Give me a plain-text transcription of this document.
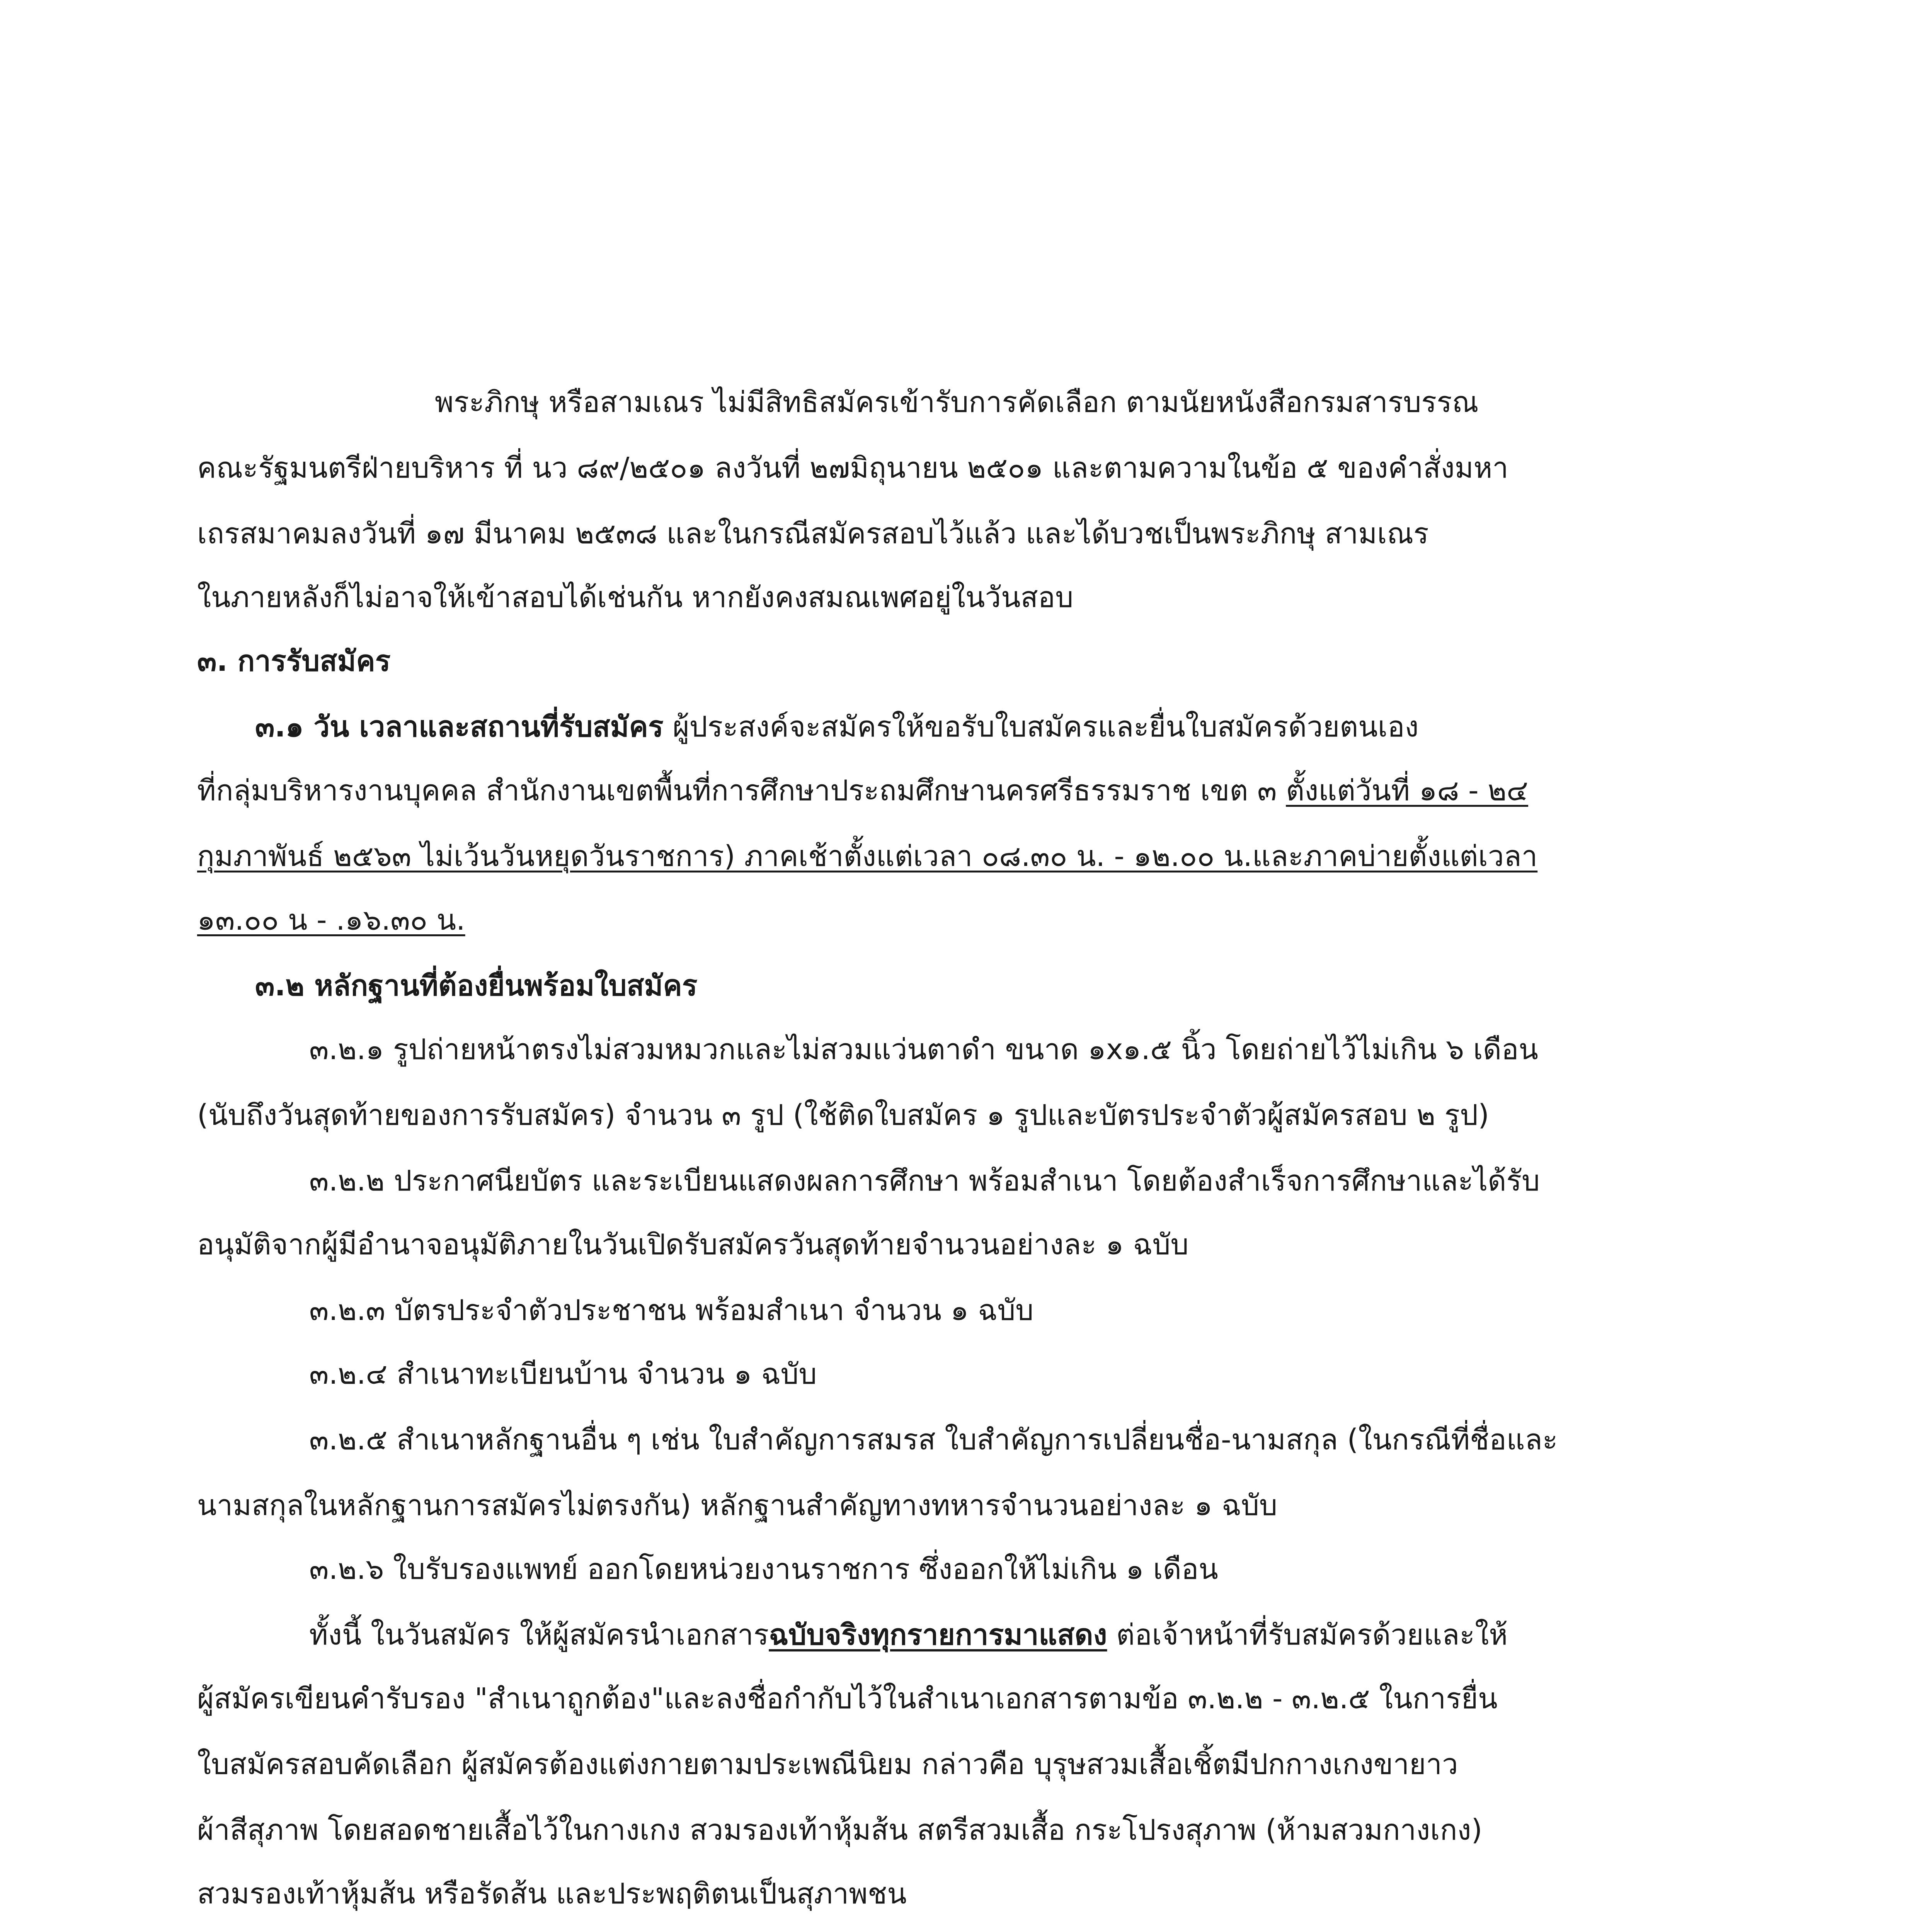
พระภิกษุ หรือสามเณร ไม่มีสิทธิสมัครเข้ารับการคัดเลือก ตามนัยหนังสือกรมสารบรรณ
คณะรัฐมนตรีฝ่ายบริหาร ที่ นว ๘๙/๒๕๐๑ ลงวันที่ ๒๗มิถุนายน ๒๕๐๑ และตามความในข้อ ๕ ของคำสั่งมหา
เถรสมาคมลงวันที่ ๑๗ มีนาคม ๒๕๓๘ และในกรณีสมัครสอบไว้แล้ว และได้บวชเป็นพระภิกษุ สามเณร
ในภายหลังก็ไม่อาจให้เข้าสอบได้เช่นกัน หากยังคงสมณเพศอยู่ในวันสอบ
๓. การรับสมัคร
๓.๑ วัน เวลาและสถานที่รับสมัคร ผู้ประสงค์จะสมัครให้ขอรับใบสมัครและยื่นใบสมัครด้วยตนเอง
ที่กลุ่มบริหารงานบุคคล สำนักงานเขตพื้นที่การศึกษาประถมศึกษานครศรีธรรมราช เขต ๓ ตั้งแต่วันที่ ๑๘ - ๒๔
กุมภาพันธ์ ๒๕๖๓ ไม่เว้นวันหยุดวันราชการ) ภาคเช้าตั้งแต่เวลา ๐๘.๓๐ น. - ๑๒.๐๐ น.และภาคบ่ายตั้งแต่เวลา
๑๓.๐๐ น - .๑๖.๓๐ น.
๓.๒ หลักฐานที่ต้องยื่นพร้อมใบสมัคร
๓.๒.๑ รูปถ่ายหน้าตรงไม่สวมหมวกและไม่สวมแว่นตาดำ ขนาด ๑x๑.๕ นิ้ว โดยถ่ายไว้ไม่เกิน ๖ เดือน
(นับถึงวันสุดท้ายของการรับสมัคร) จำนวน ๓ รูป (ใช้ติดใบสมัคร ๑ รูปและบัตรประจำตัวผู้สมัครสอบ ๒ รูป)
๓.๒.๒ ประกาศนียบัตร และระเบียนแสดงผลการศึกษา พร้อมสำเนา โดยต้องสำเร็จการศึกษาและได้รับ
อนุมัติจากผู้มีอำนาจอนุมัติภายในวันเปิดรับสมัครวันสุดท้ายจำนวนอย่างละ ๑ ฉบับ
๓.๒.๓ บัตรประจำตัวประชาชน พร้อมสำเนา จำนวน ๑ ฉบับ
๓.๒.๔ สำเนาทะเบียนบ้าน จำนวน ๑ ฉบับ
๓.๒.๕ สำเนาหลักฐานอื่น ๆ เช่น ใบสำคัญการสมรส ใบสำคัญการเปลี่ยนชื่อ-นามสกุล (ในกรณีที่ชื่อและ
นามสกุลในหลักฐานการสมัครไม่ตรงกัน) หลักฐานสำคัญทางทหารจำนวนอย่างละ ๑ ฉบับ
๓.๒.๖ ใบรับรองแพทย์ ออกโดยหน่วยงานราชการ ซึ่งออกให้ไม่เกิน ๑ เดือน
ทั้งนี้ ในวันสมัคร ให้ผู้สมัครนำเอกสารฉบับจริงทุกรายการมาแสดง ต่อเจ้าหน้าที่รับสมัครด้วยและให้
ผู้สมัครเขียนคำรับรอง "สำเนาถูกต้อง"และลงชื่อกำกับไว้ในสำเนาเอกสารตามข้อ ๓.๒.๒ - ๓.๒.๕ ในการยื่น
ใบสมัครสอบคัดเลือก ผู้สมัครต้องแต่งกายตามประเพณีนิยม กล่าวคือ บุรุษสวมเสื้อเชิ้ตมีปกกางเกงขายาว
ผ้าสีสุภาพ โดยสอดชายเสื้อไว้ในกางเกง สวมรองเท้าหุ้มส้น สตรีสวมเสื้อ กระโปรงสุภาพ (ห้ามสวมกางเกง)
สวมรองเท้าหุ้มส้น หรือรัดส้น และประพฤติตนเป็นสุภาพชน
